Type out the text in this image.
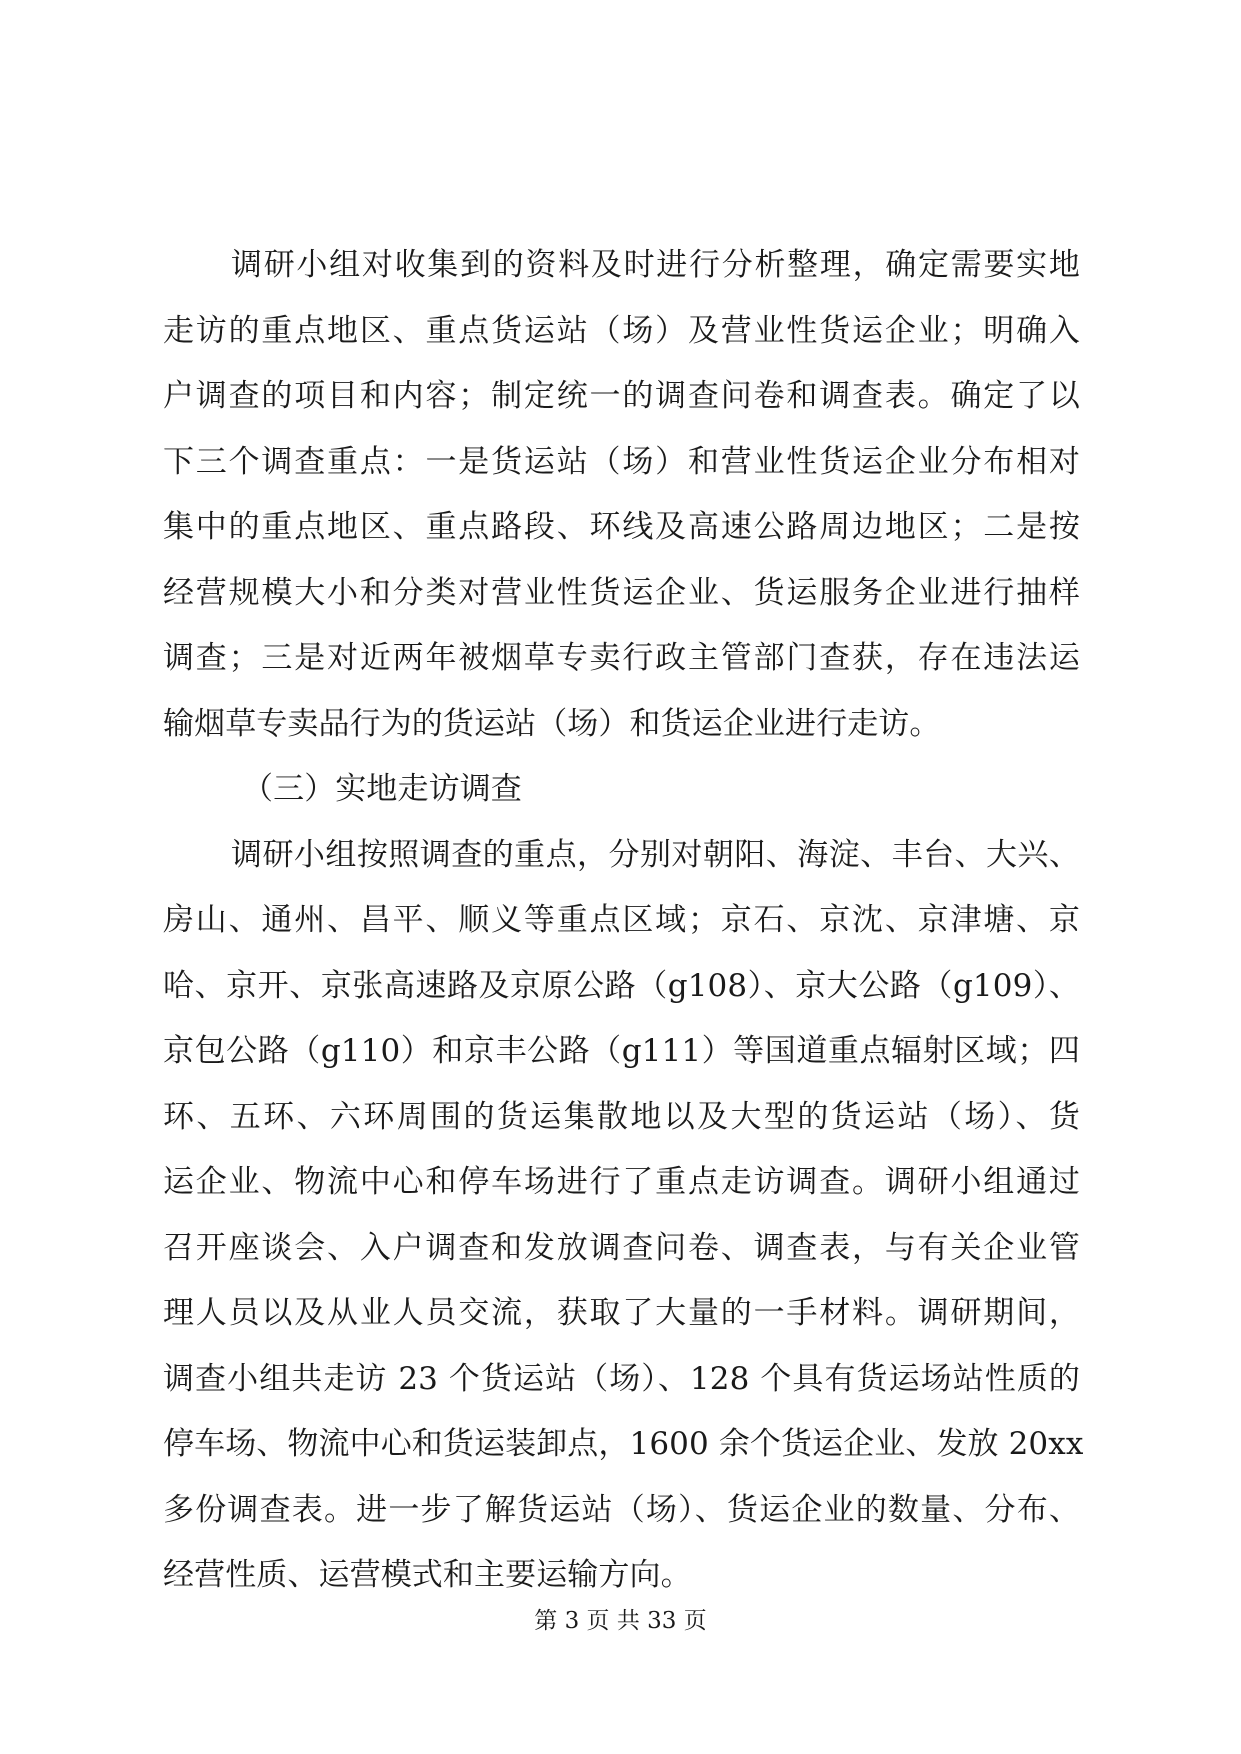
调研小组对收集到的资料及时进行分析整理，确定需要实地
走访的重点地区、重点货运站（场）及营业性货运企业；明确入
户调查的项目和内容；制定统一的调查问卷和调查表。确定了以
下三个调查重点：一是货运站（场）和营业性货运企业分布相对
集中的重点地区、重点路段、环线及高速公路周边地区；二是按
经营规模大小和分类对营业性货运企业、货运服务企业进行抽样
调查；三是对近两年被烟草专卖行政主管部门查获，存在违法运
输烟草专卖品行为的货运站（场）和货运企业进行走访。
（三）实地走访调查
调研小组按照调查的重点，分别对朝阳、海淀、丰台、大兴、
房山、通州、昌平、顺义等重点区域；京石、京沈、京津塘、京
哈、京开、京张高速路及京原公路（g108）、京大公路（g109）、
京包公路（g110）和京丰公路（g111）等国道重点辐射区域；四
环、五环、六环周围的货运集散地以及大型的货运站（场）、货
运企业、物流中心和停车场进行了重点走访调查。调研小组通过
召开座谈会、入户调查和发放调查问卷、调查表，与有关企业管
理人员以及从业人员交流，获取了大量的一手材料。调研期间，
调查小组共走访 23 个货运站（场）、128 个具有货运场站性质的
停车场、物流中心和货运装卸点，1600 余个货运企业、发放 20xx
多份调查表。进一步了解货运站（场）、货运企业的数量、分布、
经营性质、运营模式和主要运输方向。
第 3 页 共 33 页
